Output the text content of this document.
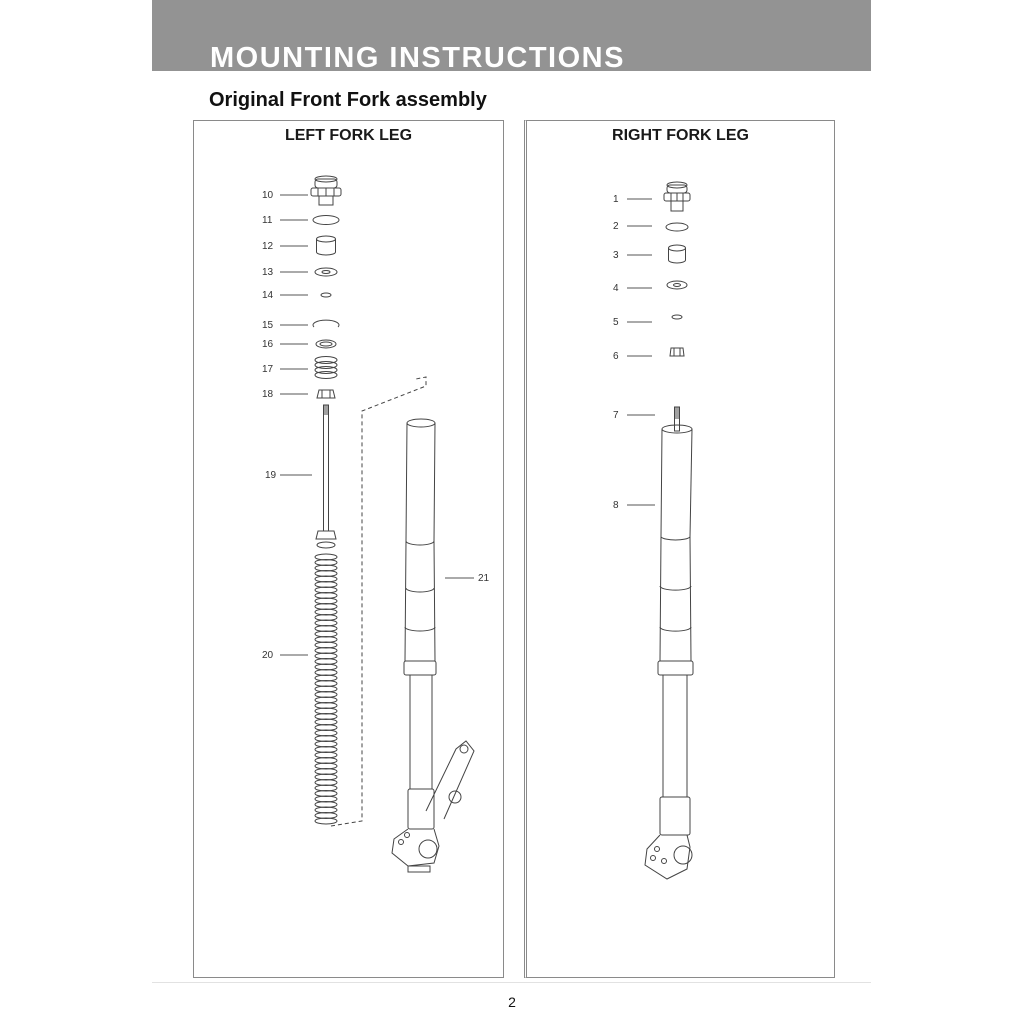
MOUNTING INSTRUCTIONS
Original Front Fork assembly
LEFT FORK LEG
10
11
12
13
14
15
16
17
18
19
20
21
RIGHT FORK LEG
1
2
3
4
5
6
7
8
2
